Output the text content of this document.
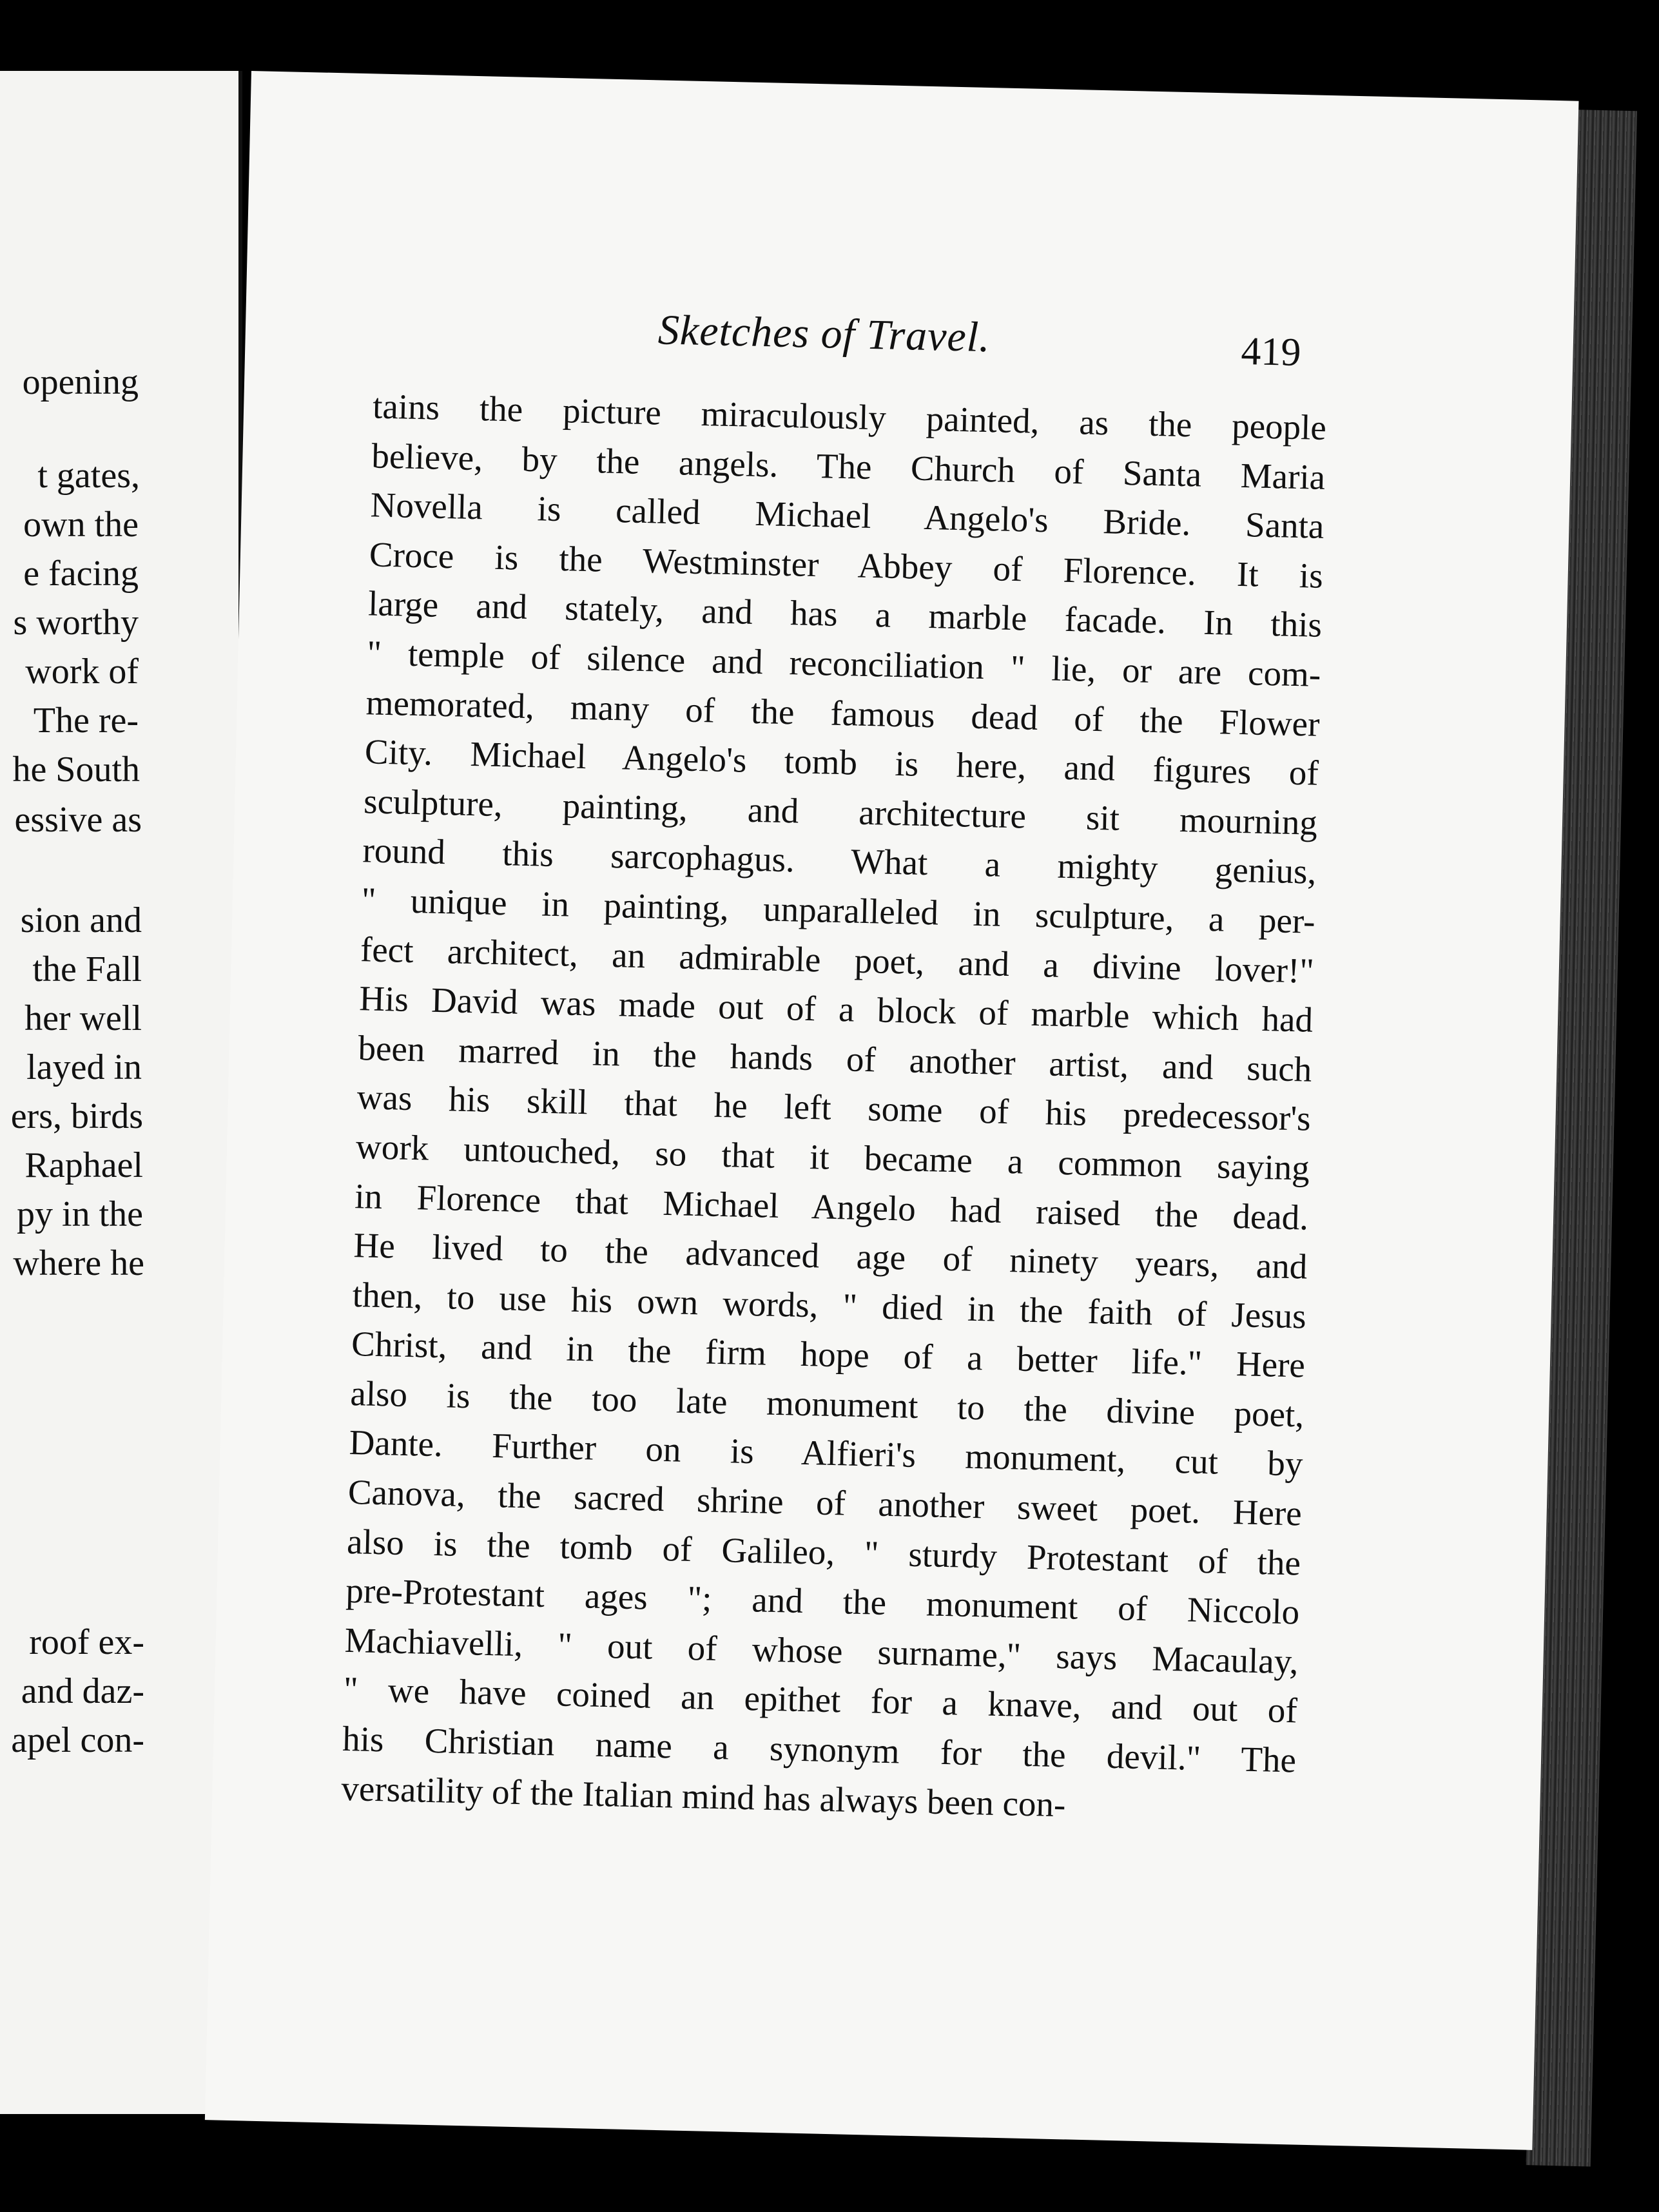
opening
t gates,
own the
e facing
s worthy
work of
The re-
he South
essive as
sion and
the Fall
her well
layed in
ers, birds
Raphael
py in the
where he
roof ex-
and daz-
apel con-
Sketches of Travel.	419
tains the picture miraculously painted, as the people
believe, by the angels. The Church of Santa Maria
Novella is called Michael Angelo's Bride. Santa
Croce is the Westminster Abbey of Florence. It is
large and stately, and has a marble facade. In this
" temple of silence and reconciliation " lie, or are com-
memorated, many of the famous dead of the Flower
City. Michael Angelo's tomb is here, and figures of
sculpture, painting, and architecture sit mourning
round this sarcophagus. What a mighty genius,
" unique in painting, unparalleled in sculpture, a per-
fect architect, an admirable poet, and a divine lover!"
His David was made out of a block of marble which had
been marred in the hands of another artist, and such
was his skill that he left some of his predecessor's
work untouched, so that it became a common saying
in Florence that Michael Angelo had raised the dead.
He lived to the advanced age of ninety years, and
then, to use his own words, " died in the faith of Jesus
Christ, and in the firm hope of a better life." Here
also is the too late monument to the divine poet,
Dante. Further on is Alfieri's monument, cut by
Canova, the sacred shrine of another sweet poet. Here
also is the tomb of Galileo, " sturdy Protestant of the
pre-Protestant ages "; and the monument of Niccolo
Machiavelli, " out of whose surname," says Macaulay,
" we have coined an epithet for a knave, and out of
his Christian name a synonym for the devil." The
versatility of the Italian mind has always been con-
